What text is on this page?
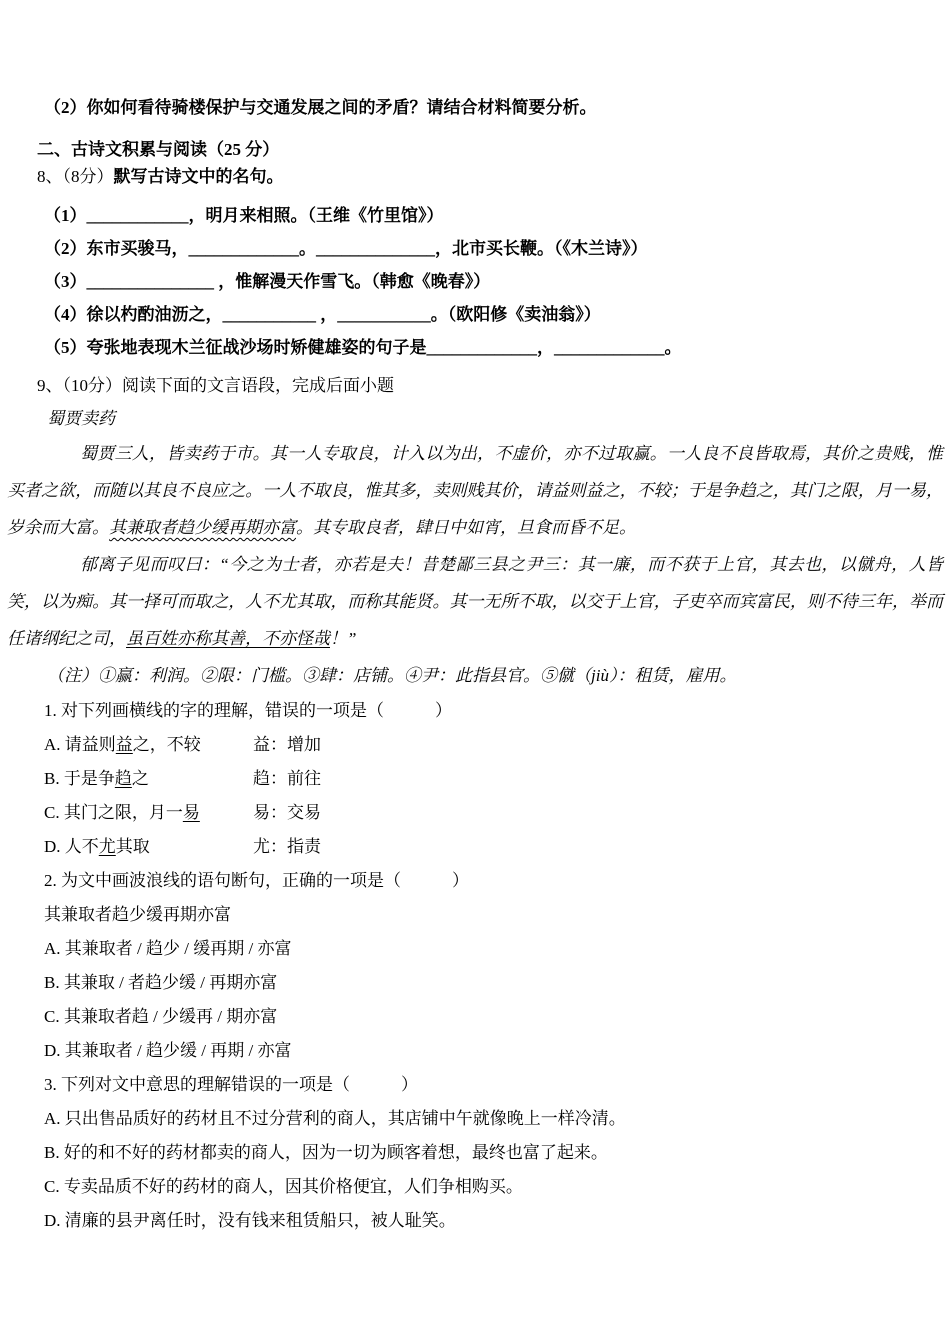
（2）你如何看待骑楼保护与交通发展之间的矛盾？请结合材料简要分析。

二、古诗文积累与阅读（25 分）

8、（8分）默写古诗文中的名句。

（1）____________，明月来相照。（王维《竹里馆》）

（2）东市买骏马，_____________。______________，北市买长鞭。（《木兰诗》）

（3）_______________ ，惟解漫天作雪飞。（韩愈《晚春》）

（4）徐以杓酌油沥之，___________ ，___________。（欧阳修《卖油翁》）

（5）夸张地表现木兰征战沙场时矫健雄姿的句子是_____________，_____________。

9、（10分）阅读下面的文言语段，完成后面小题

蜀贾卖药

蜀贾三人，皆卖药于市。其一人专取良，计入以为出，不虚价，亦不过取赢。一人良不良皆取焉，其价之贵贱，惟买者之欲，而随以其良不良应之。一人不取良，惟其多，卖则贱其价，请益则益之，不较；于是争趋之，其门之限，月一易，岁余而大富。其兼取者趋少缓再期亦富。其专取良者，肆日中如宵，旦食而昏不足。

郁离子见而叹曰：“今之为士者，亦若是夫！昔楚鄙三县之尹三：其一廉，而不获于上官，其去也，以僦舟，人皆笑，以为痴。其一择可而取之，人不尤其取，而称其能贤。其一无所不取，以交于上官，子吏卒而宾富民，则不待三年，举而任诸纲纪之司，虽百姓亦称其善，不亦怪哉！”

（注）①赢：利润。②限：门槛。③肆：店铺。④尹：此指县官。⑤僦（jiù）：租赁，雇用。

1. 对下列画横线的字的理解，错误的一项是（　　　）

A. 请益则益之，不较	益：增加
B. 于是争趋之	趋：前往
C. 其门之限，月一易	易：交易
D. 人不尤其取	尤：指责

2. 为文中画波浪线的语句断句，正确的一项是（　　　）

其兼取者趋少缓再期亦富

A. 其兼取者 / 趋少 / 缓再期 / 亦富

B. 其兼取 / 者趋少缓 / 再期亦富

C. 其兼取者趋 / 少缓再 / 期亦富

D. 其兼取者 / 趋少缓 / 再期 / 亦富

3. 下列对文中意思的理解错误的一项是（　　　）

A. 只出售品质好的药材且不过分营利的商人，其店铺中午就像晚上一样冷清。

B. 好的和不好的药材都卖的商人，因为一切为顾客着想，最终也富了起来。

C. 专卖品质不好的药材的商人，因其价格便宜，人们争相购买。

D. 清廉的县尹离任时，没有钱来租赁船只，被人耻笑。
